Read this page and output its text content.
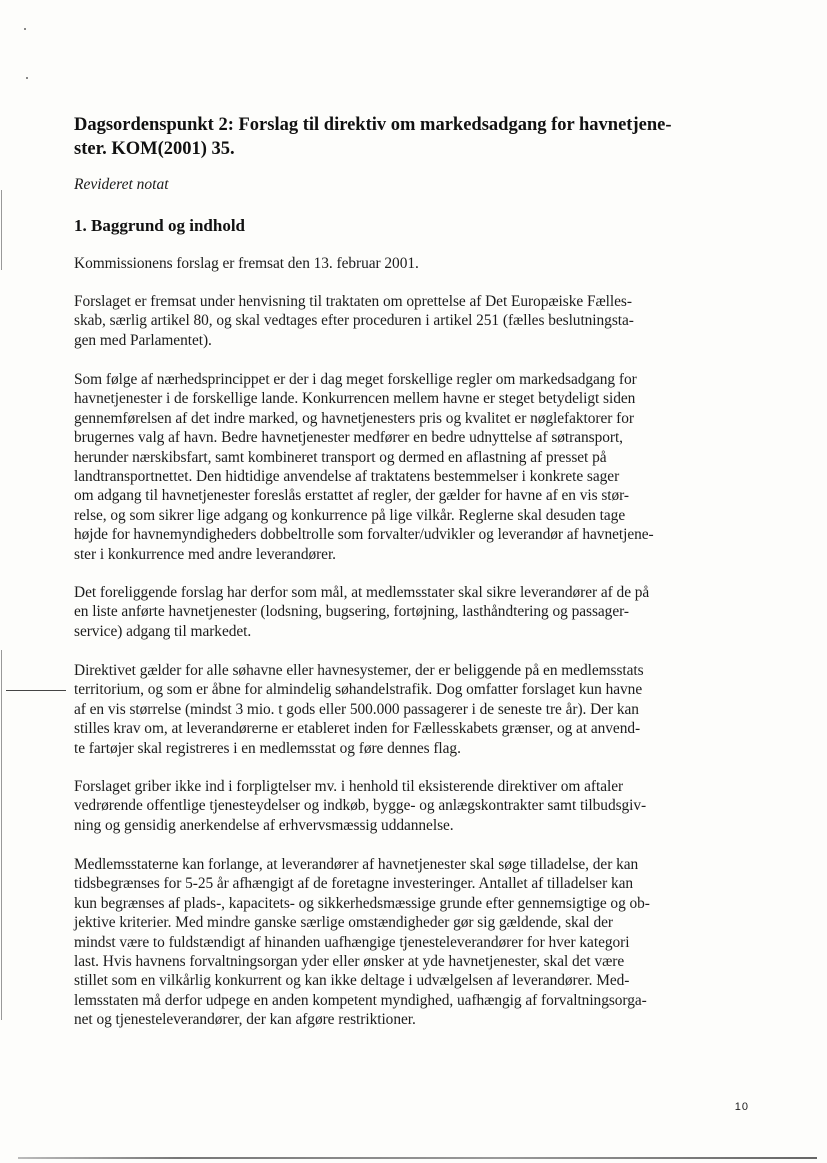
Dagsordenspunkt 2: Forslag til direktiv om markedsadgang for havnetjene-
ster. KOM(2001) 35.

Revideret notat

1. Baggrund og indhold

Kommissionens forslag er fremsat den 13. februar 2001.

Forslaget er fremsat under henvisning til traktaten om oprettelse af Det Europæiske Fælles-
skab, særlig artikel 80, og skal vedtages efter proceduren i artikel 251 (fælles beslutningsta-
gen med Parlamentet).

Som følge af nærhedsprincippet er der i dag meget forskellige regler om markedsadgang for
havnetjenester i de forskellige lande. Konkurrencen mellem havne er steget betydeligt siden
gennemførelsen af det indre marked, og havnetjenesters pris og kvalitet er nøglefaktorer for
brugernes valg af havn. Bedre havnetjenester medfører en bedre udnyttelse af søtransport,
herunder nærskibsfart, samt kombineret transport og dermed en aflastning af presset på
landtransportnettet. Den hidtidige anvendelse af traktatens bestemmelser i konkrete sager
om adgang til havnetjenester foreslås erstattet af regler, der gælder for havne af en vis stør-
relse, og som sikrer lige adgang og konkurrence på lige vilkår. Reglerne skal desuden tage
højde for havnemyndigheders dobbeltrolle som forvalter/udvikler og leverandør af havnetjene-
ster i konkurrence med andre leverandører.

Det foreliggende forslag har derfor som mål, at medlemsstater skal sikre leverandører af de på
en liste anførte havnetjenester (lodsning, bugsering, fortøjning, lasthåndtering og passager-
service) adgang til markedet.

Direktivet gælder for alle søhavne eller havnesystemer, der er beliggende på en medlemsstats
territorium, og som er åbne for almindelig søhandelstrafik. Dog omfatter forslaget kun havne
af en vis størrelse (mindst 3 mio. t gods eller 500.000 passagerer i de seneste tre år). Der kan
stilles krav om, at leverandørerne er etableret inden for Fællesskabets grænser, og at anvend-
te fartøjer skal registreres i en medlemsstat og føre dennes flag.

Forslaget griber ikke ind i forpligtelser mv. i henhold til eksisterende direktiver om aftaler
vedrørende offentlige tjenesteydelser og indkøb, bygge- og anlægskontrakter samt tilbudsgiv-
ning og gensidig anerkendelse af erhvervsmæssig uddannelse.

Medlemsstaterne kan forlange, at leverandører af havnetjenester skal søge tilladelse, der kan
tidsbegrænses for 5-25 år afhængigt af de foretagne investeringer. Antallet af tilladelser kan
kun begrænses af plads-, kapacitets- og sikkerhedsmæssige grunde efter gennemsigtige og ob-
jektive kriterier. Med mindre ganske særlige omstændigheder gør sig gældende, skal der
mindst være to fuldstændigt af hinanden uafhængige tjenesteleverandører for hver kategori
last. Hvis havnens forvaltningsorgan yder eller ønsker at yde havnetjenester, skal det være
stillet som en vilkårlig konkurrent og kan ikke deltage i udvælgelsen af leverandører. Med-
lemsstaten må derfor udpege en anden kompetent myndighed, uafhængig af forvaltningsorga-
net og tjenesteleverandører, der kan afgøre restriktioner.

10
